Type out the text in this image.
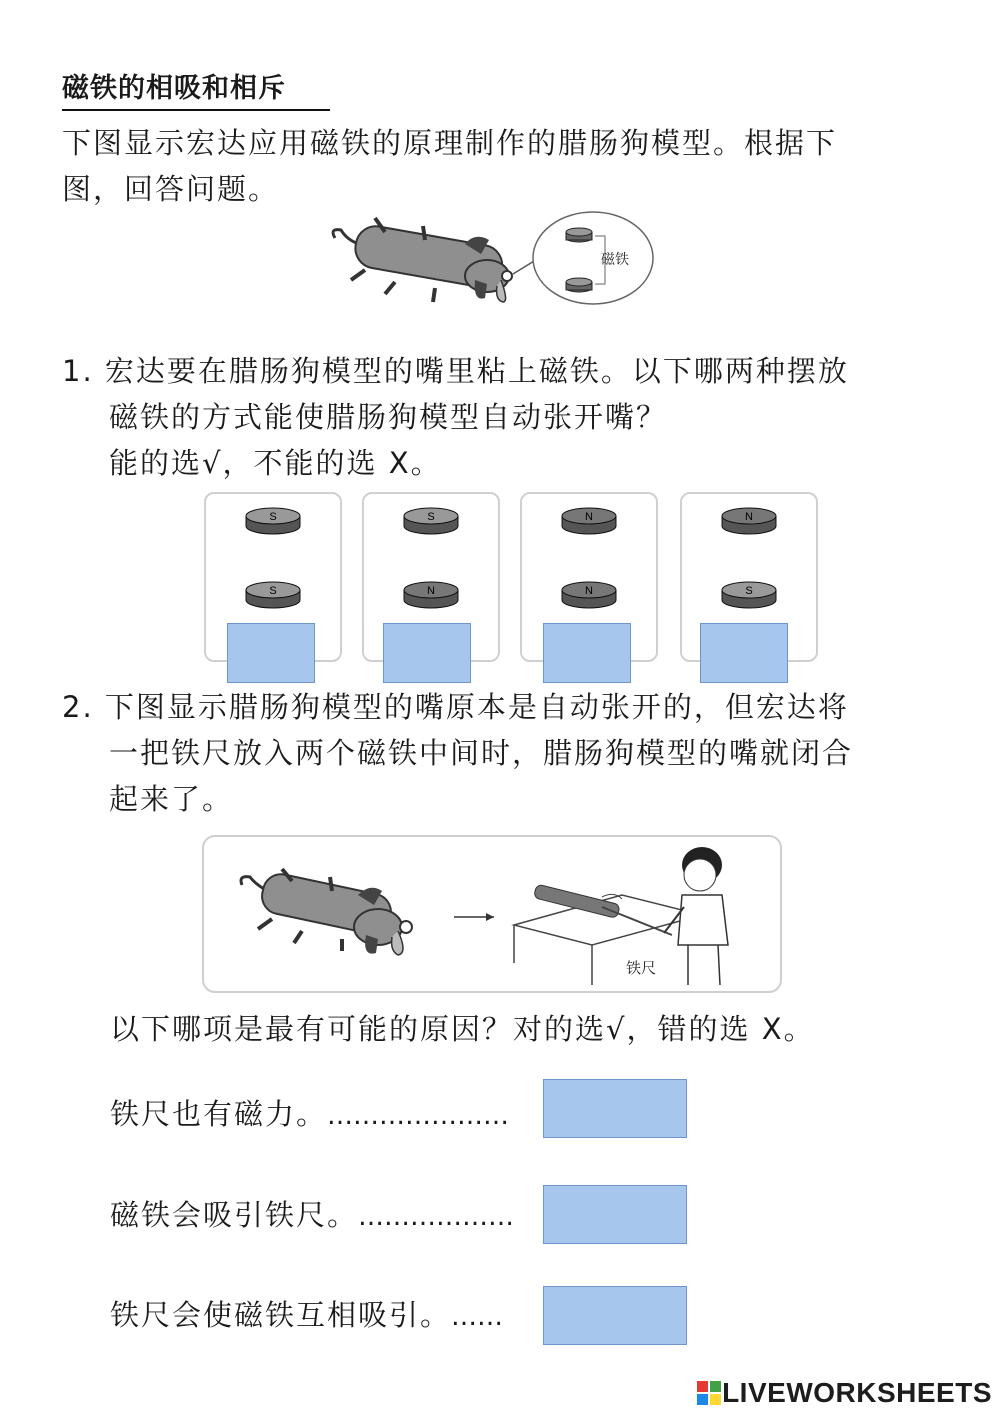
磁铁的相吸和相斥
下图显示宏达应用磁铁的原理制作的腊肠狗模型。根据下
图，回答问题。
磁铁
1. 宏达要在腊肠狗模型的嘴里粘上磁铁。以下哪两种摆放
磁铁的方式能使腊肠狗模型自动张开嘴？
能的选√，不能的选 X。
S
S
S
N
N
N
N
S
2. 下图显示腊肠狗模型的嘴原本是自动张开的，但宏达将
一把铁尺放入两个磁铁中间时，腊肠狗模型的嘴就闭合
起来了。
铁尺
以下哪项是最有可能的原因？对的选√，错的选 X。
铁尺也有磁力。…………………
磁铁会吸引铁尺。………………
铁尺会使磁铁互相吸引。……
LIVEWORKSHEETS
